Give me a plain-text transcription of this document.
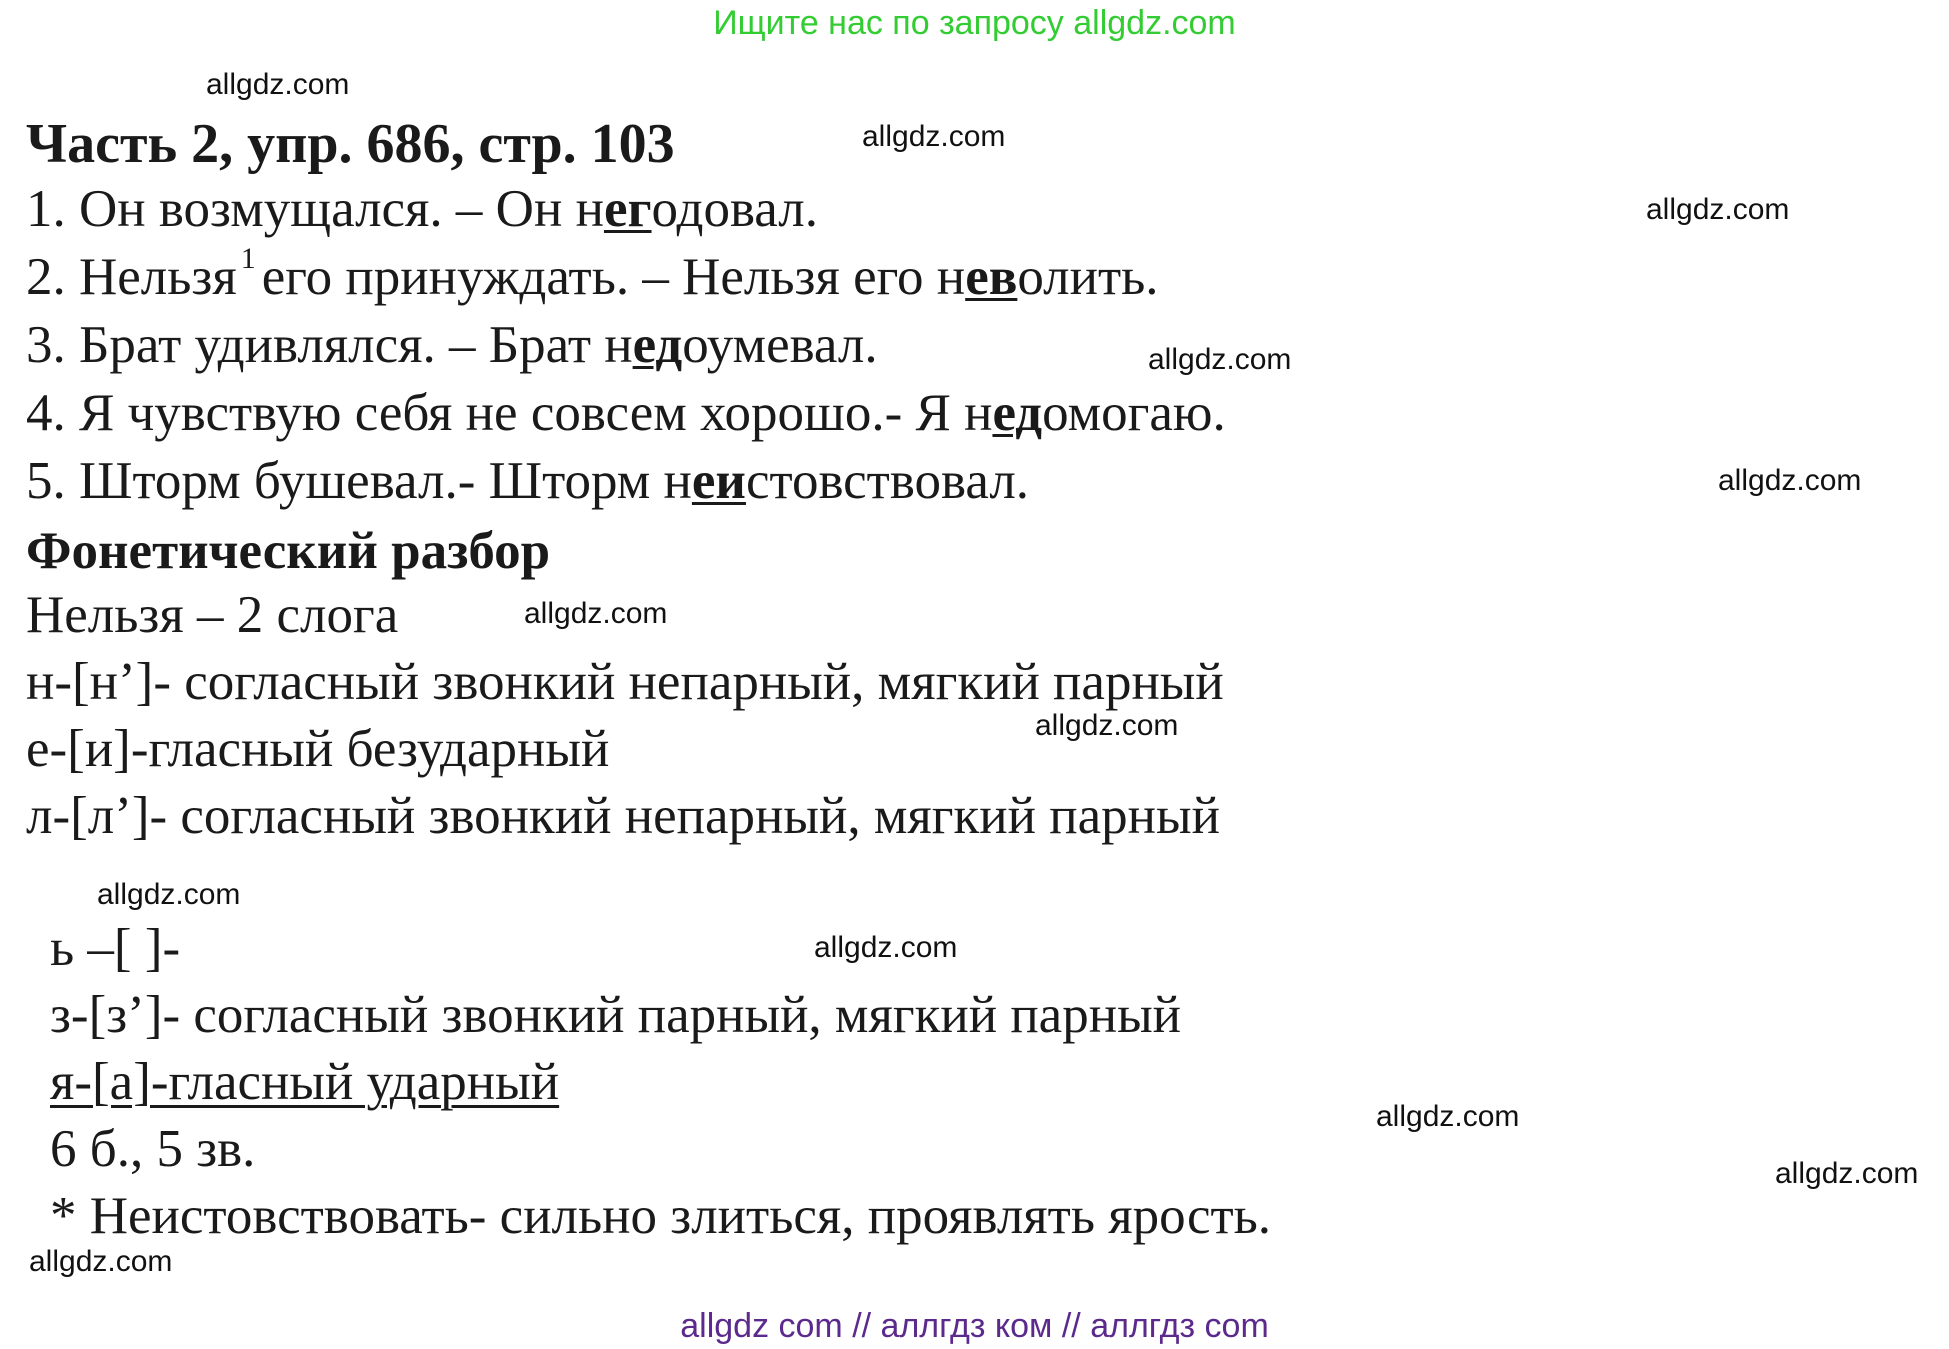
Ищите нас по запросу allgdz.com
allgdz.com
allgdz.com
allgdz.com
allgdz.com
allgdz.com
allgdz.com
allgdz.com
allgdz.com
allgdz.com
allgdz.com
allgdz.com
allgdz.com
Часть 2, упр. 686, стр. 103
1. Он возмущался. – Он негодовал.
2. Нельзя $^1$ его принуждать. – Нельзя его неволить.
3. Брат удивлялся. – Брат недоумевал.
4. Я чувствую себя не совсем хорошо.- Я недомогаю.
5. Шторм бушевал.- Шторм неистовствовал.
Фонетический разбор
Нельзя – 2 слога
н-[н’]- согласный звонкий непарный, мягкий парный
е-[и]-гласный безударный
л-[л’]- согласный звонкий непарный, мягкий парный
ь –[ ]-
з-[з’]- согласный звонкий парный, мягкий парный
я-[а]-гласный ударный
6 б., 5 зв.
* Неистовствовать- сильно злиться, проявлять ярость.
allgdz com // аллгдз ком // аллгдз com
